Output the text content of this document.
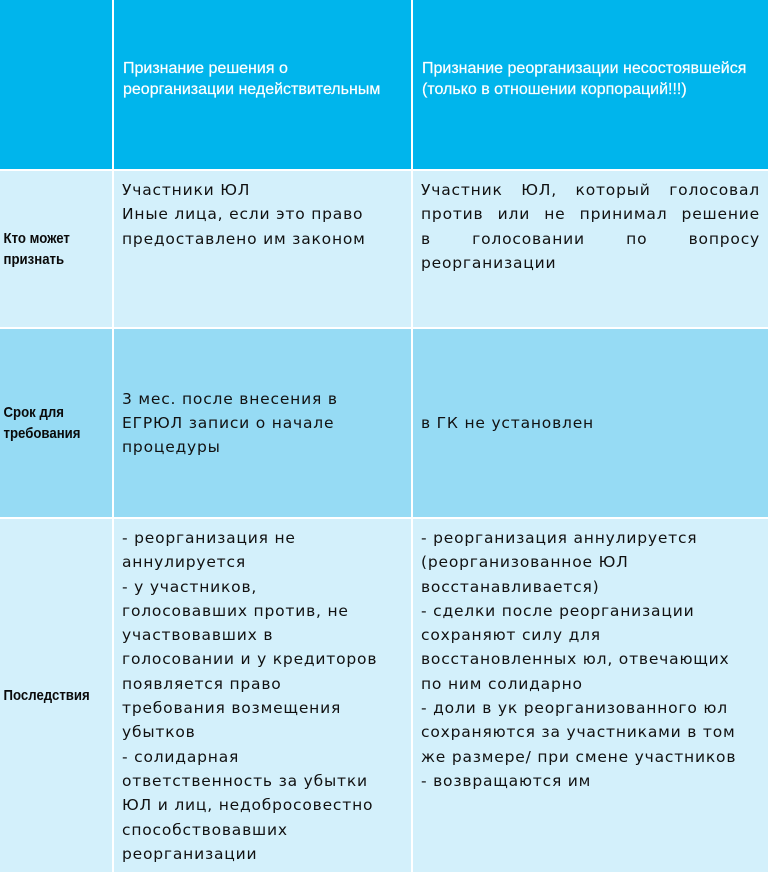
Признание решения о
реорганизации недействительным
Признание реорганизации несостоявшейся
(только в отношении корпораций!!!)
Кто может
признать
Участники ЮЛ
Иные лица, если это право
предоставлено им законом
Участник ЮЛ, который голосовал
против или не принимал решение
в голосовании по вопросу
реорганизации
Срок для
требования
3 мес. после внесения в
ЕГРЮЛ записи о начале
процедуры
в ГК не установлен
Последствия
- реорганизация не
аннулируется
- у участников,
голосовавших против, не
участвовавших в
голосовании и у кредиторов
появляется право
требования возмещения
убытков
- солидарная
ответственность за убытки
ЮЛ и лиц, недобросовестно
способствовавших
реорганизации
- реорганизация аннулируется
(реорганизованное ЮЛ
восстанавливается)
- сделки после реорганизации
сохраняют силу для
восстановленных юл, отвечающих
по ним солидарно
- доли в ук реорганизованного юл
сохраняются за участниками в том
же размере/ при смене участников
- возвращаются им
